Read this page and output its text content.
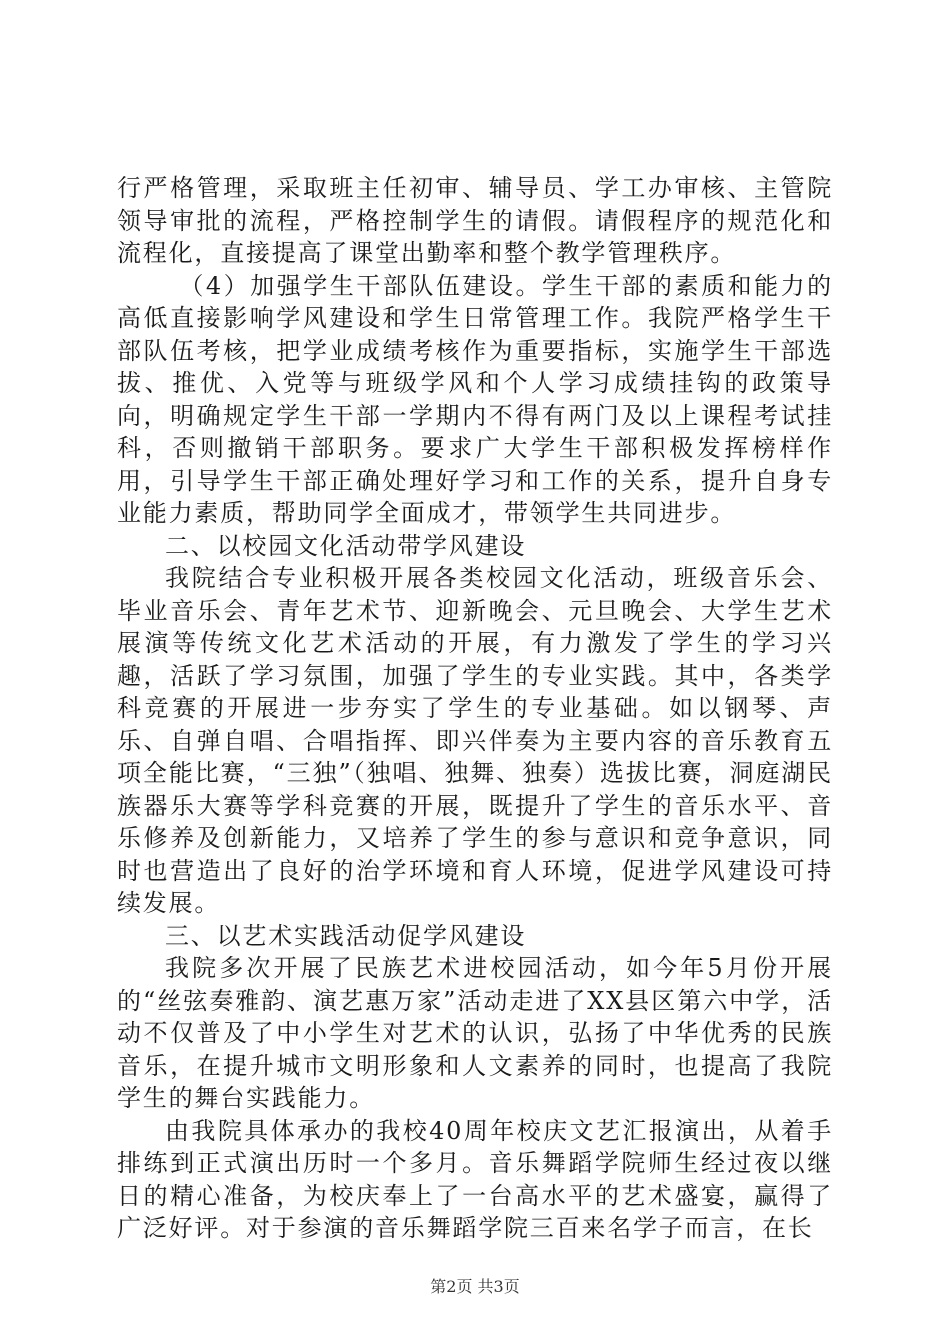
行严格管理，采取班主任初审、辅导员、学工办审核、主管院领导审批的流程，严格控制学生的请假。请假程序的规范化和流程化，直接提高了课堂出勤率和整个教学管理秩序。

（4）加强学生干部队伍建设。学生干部的素质和能力的高低直接影响学风建设和学生日常管理工作。我院严格学生干部队伍考核，把学业成绩考核作为重要指标，实施学生干部选拔、推优、入党等与班级学风和个人学习成绩挂钩的政策导向，明确规定学生干部一学期内不得有两门及以上课程考试挂科，否则撤销干部职务。要求广大学生干部积极发挥榜样作用，引导学生干部正确处理好学习和工作的关系，提升自身专业能力素质，帮助同学全面成才，带领学生共同进步。

二、以校园文化活动带学风建设

我院结合专业积极开展各类校园文化活动，班级音乐会、毕业音乐会、青年艺术节、迎新晚会、元旦晚会、大学生艺术展演等传统文化艺术活动的开展，有力激发了学生的学习兴趣，活跃了学习氛围，加强了学生的专业实践。其中，各类学科竞赛的开展进一步夯实了学生的专业基础。如以钢琴、声乐、自弹自唱、合唱指挥、即兴伴奏为主要内容的音乐教育五项全能比赛，“三独”（独唱、独舞、独奏）选拔比赛，洞庭湖民族器乐大赛等学科竞赛的开展，既提升了学生的音乐水平、音乐修养及创新能力，又培养了学生的参与意识和竞争意识，同时也营造出了良好的治学环境和育人环境，促进学风建设可持续发展。

三、以艺术实践活动促学风建设

我院多次开展了民族艺术进校园活动，如今年5月份开展的“丝弦奏雅韵、演艺惠万家”活动走进了XX县区第六中学，活动不仅普及了中小学生对艺术的认识，弘扬了中华优秀的民族音乐，在提升城市文明形象和人文素养的同时，也提高了我院学生的舞台实践能力。

由我院具体承办的我校40周年校庆文艺汇报演出，从着手排练到正式演出历时一个多月。音乐舞蹈学院师生经过夜以继日的精心准备，为校庆奉上了一台高水平的艺术盛宴，赢得了广泛好评。对于参演的音乐舞蹈学院三百来名学子而言，在长

第2页 共3页
